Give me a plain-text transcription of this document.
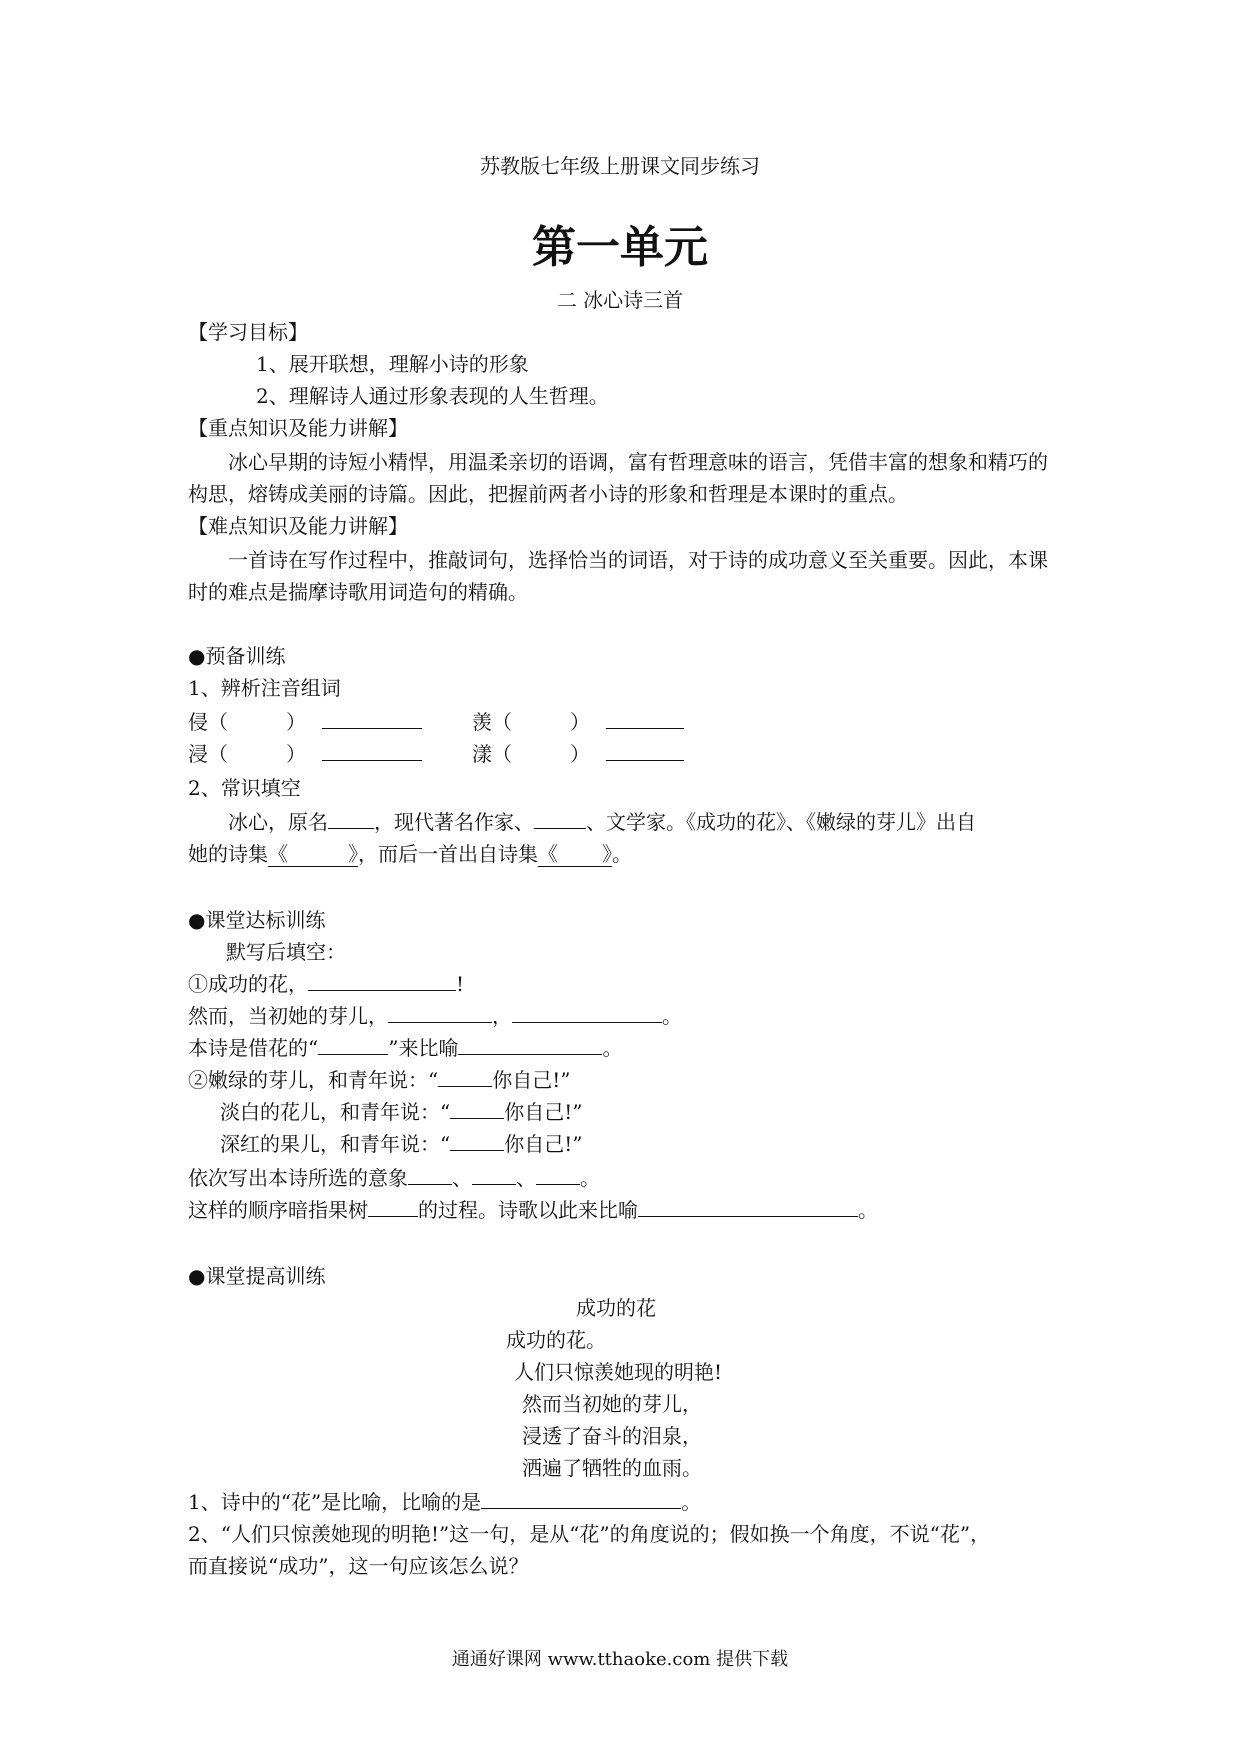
苏教版七年级上册课文同步练习
第一单元
二 冰心诗三首
【学习目标】
1、展开联想，理解小诗的形象
2、理解诗人通过形象表现的人生哲理。
【重点知识及能力讲解】
冰心早期的诗短小精悍，用温柔亲切的语调，富有哲理意味的语言，凭借丰富的想象和精巧的构思，熔铸成美丽的诗篇。因此，把握前两者小诗的形象和哲理是本课时的重点。
【难点知识及能力讲解】
一首诗在写作过程中，推敲词句，选择恰当的词语，对于诗的成功意义至关重要。因此，本课时的难点是揣摩诗歌用词造句的精确。
●预备训练
1、辨析注音组词
侵（	）	羡（	）
浸（	）	漾（	）
2、常识填空
冰心，原名 ，现代著名作家、	、文学家。《成功的花》、《嫩绿的芽儿》出自
她的诗集《	》，而后一首出自诗集《 》。
●课堂达标训练
默写后填空：
①成功的花，	!
然而，当初她的芽儿，	，	。
本诗是借花的“	”来比喻	。
②嫩绿的芽儿，和青年说：“	你自己!”
淡白的花儿，和青年说：“	你自己!”
深红的果儿，和青年说：“	你自己!”
依次写出本诗所选的意象 、 、 。
这样的顺序暗指果树	的过程。诗歌以此来比喻	。
●课堂提高训练
成功的花
成功的花。
人们只惊羡她现的明艳!
然而当初她的芽儿，
浸透了奋斗的泪泉，
洒遍了牺牲的血雨。
1、诗中的“花”是比喻，比喻的是	。
2、“人们只惊羡她现的明艳!”这一句，是从“花”的角度说的；假如换一个角度，不说“花”，
而直接说“成功”，这一句应该怎么说？
通通好课网 www.tthaoke.com 提供下载
